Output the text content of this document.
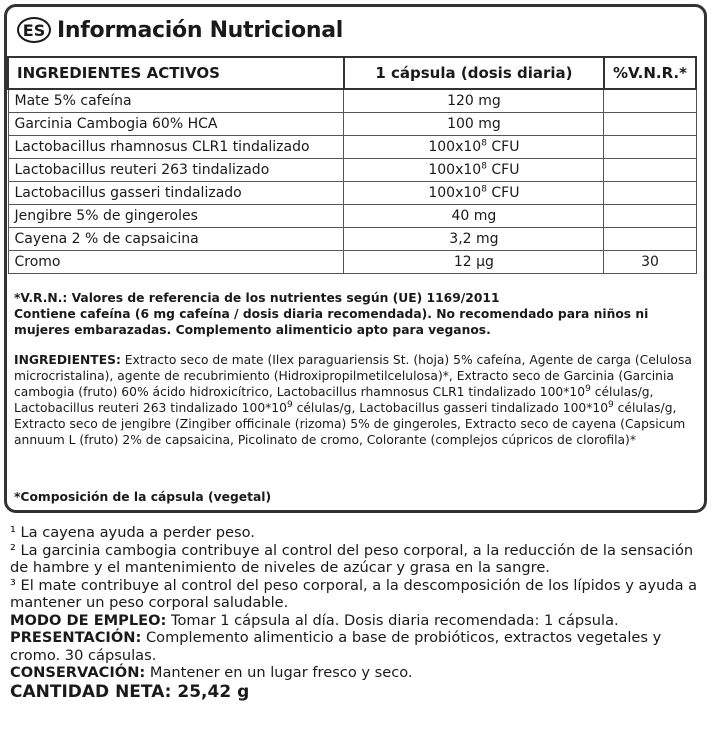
ES Información Nutricional
INGREDIENTES ACTIVOS	1 cápsula (dosis diaria)	%V.N.R.*
Mate 5% cafeína	120 mg	
Garcinia Cambogia 60% HCA	100 mg	
Lactobacillus rhamnosus CLR1 tindalizado	$100x10^8$ CFU	
Lactobacillus reuteri 263 tindalizado	$100x10^8$ CFU	
Lactobacillus gasseri tindalizado	$100x10^8$ CFU	
Jengibre 5% de gingeroles	40 mg	
Cayena 2 % de capsaicina	3,2 mg	
Cromo	12 µg	30
*V.R.N.: Valores de referencia de los nutrientes según (UE) 1169/2011
Contiene cafeína (6 mg cafeína / dosis diaria recomendada). No recomendado para niños ni mujeres embarazadas. Complemento alimenticio apto para veganos.
INGREDIENTES: Extracto seco de mate (Ilex paraguariensis St. (hoja) 5% cafeína, Agente de carga (Celulosa microcristalina), agente de recubrimiento (Hidroxipropilmetilcelulosa)*, Extracto seco de Garcinia (Garcinia cambogia (fruto) 60% ácido hidroxicítrico, Lactobacillus rhamnosus CLR1 tindalizado $100*10^9$ células/g, Lactobacillus reuteri 263 tindalizado $100*10^9$ células/g, Lactobacillus gasseri tindalizado $100*10^9$ células/g, Extracto seco de jengibre (Zingiber officinale (rizoma) 5% de gingeroles, Extracto seco de cayena (Capsicum annuum L (fruto) 2% de capsaicina, Picolinato de cromo, Colorante (complejos cúpricos de clorofila)*
*Composición de la cápsula (vegetal)

¹ La cayena ayuda a perder peso.

² La garcinia cambogia contribuye al control del peso corporal, a la reducción de la sensación de hambre y el mantenimiento de niveles de azúcar y grasa en la sangre.

³ El mate contribuye al control del peso corporal, a la descomposición de los lípidos y ayuda a mantener un peso corporal saludable.

MODO DE EMPLEO: Tomar 1 cápsula al día. Dosis diaria recomendada: 1 cápsula.

PRESENTACIÓN: Complemento alimenticio a base de probióticos, extractos vegetales y cromo. 30 cápsulas.

CONSERVACIÓN: Mantener en un lugar fresco y seco.

CANTIDAD NETA: 25,42 g
